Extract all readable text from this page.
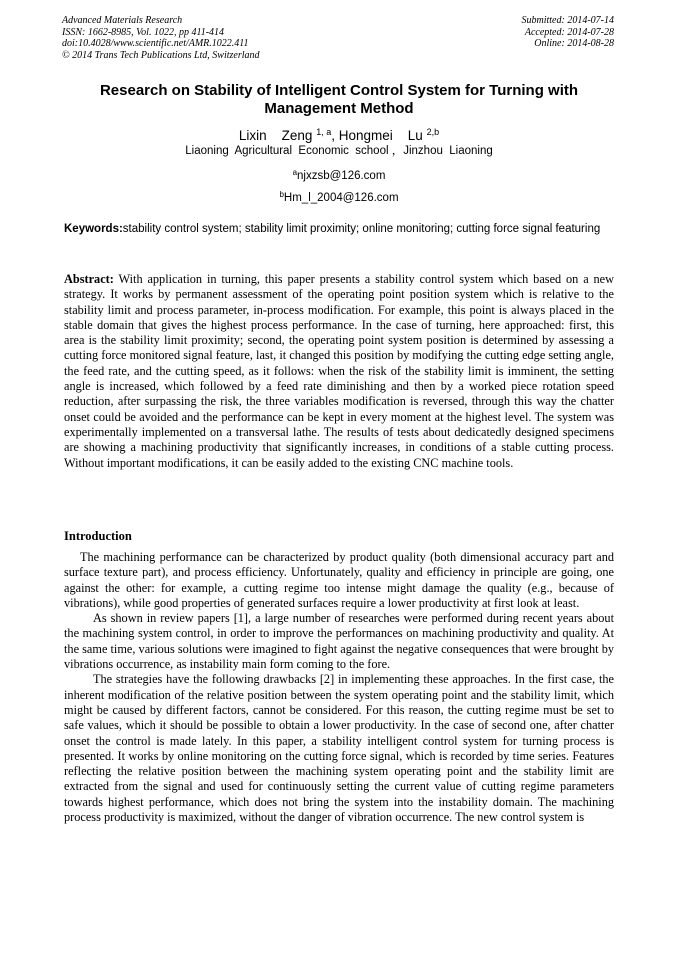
Advanced Materials Research
ISSN: 1662-8985, Vol. 1022, pp 411-414
doi:10.4028/www.scientific.net/AMR.1022.411
© 2014 Trans Tech Publications Ltd, Switzerland
Submitted: 2014-07-14
Accepted: 2014-07-28
Online: 2014-08-28
Research on Stability of Intelligent Control System for Turning with Management Method
Lixin Zeng $^{1, a}$, Hongmei Lu $^{2,b}$
Liaoning  Agricultural  Economic  school ，Jinzhou  Liaoning
$^a$njxzsb@126.com
$^b$Hm_l_2004@126.com
Keywords:stability control system; stability limit proximity; online monitoring; cutting force signal featuring
Abstract: With application in turning, this paper presents a stability control system which based on a new strategy. It works by permanent assessment of the operating point position system which is relative to the stability limit and process parameter, in-process modification. For example, this point is always placed in the stable domain that gives the highest process performance. In the case of turning, here approached: first, this area is the stability limit proximity; second, the operating point system position is determined by assessing a cutting force monitored signal feature, last, it changed this position by modifying the cutting edge setting angle, the feed rate, and the cutting speed, as it follows: when the risk of the stability limit is imminent, the setting angle is increased, which followed by a feed rate diminishing and then by a worked piece rotation speed reduction, after surpassing the risk, the three variables modification is reversed, through this way the chatter onset could be avoided and the performance can be kept in every moment at the highest level. The system was experimentally implemented on a transversal lathe. The results of tests about dedicatedly designed specimens are showing a machining productivity that significantly increases, in conditions of a stable cutting process. Without important modifications, it can be easily added to the existing CNC machine tools.
Introduction

The machining performance can be characterized by product quality (both dimensional accuracy part and surface texture part), and process efficiency. Unfortunately, quality and efficiency in principle are going, one against the other: for example, a cutting regime too intense might damage the quality (e.g., because of vibrations), while good properties of generated surfaces require a lower productivity at first look at least.

As shown in review papers [1], a large number of researches were performed during recent years about the machining system control, in order to improve the performances on machining productivity and quality. At the same time, various solutions were imagined to fight against the negative consequences that were brought by vibrations occurrence, as instability main form coming to the fore.

The strategies have the following drawbacks [2] in implementing these approaches. In the first case, the inherent modification of the relative position between the system operating point and the stability limit, which might be caused by different factors, cannot be considered. For this reason, the cutting regime must be set to safe values, which it should be possible to obtain a lower productivity. In the case of second one, after chatter onset the control is made lately. In this paper, a stability intelligent control system for turning process is presented. It works by online monitoring on the cutting force signal, which is recorded by time series. Features reflecting the relative position between the machining system operating point and the stability limit are extracted from the signal and used for continuously setting the current value of cutting regime parameters towards highest performance, which does not bring the system into the instability domain. The machining process productivity is maximized, without the danger of vibration occurrence. The new control system is
